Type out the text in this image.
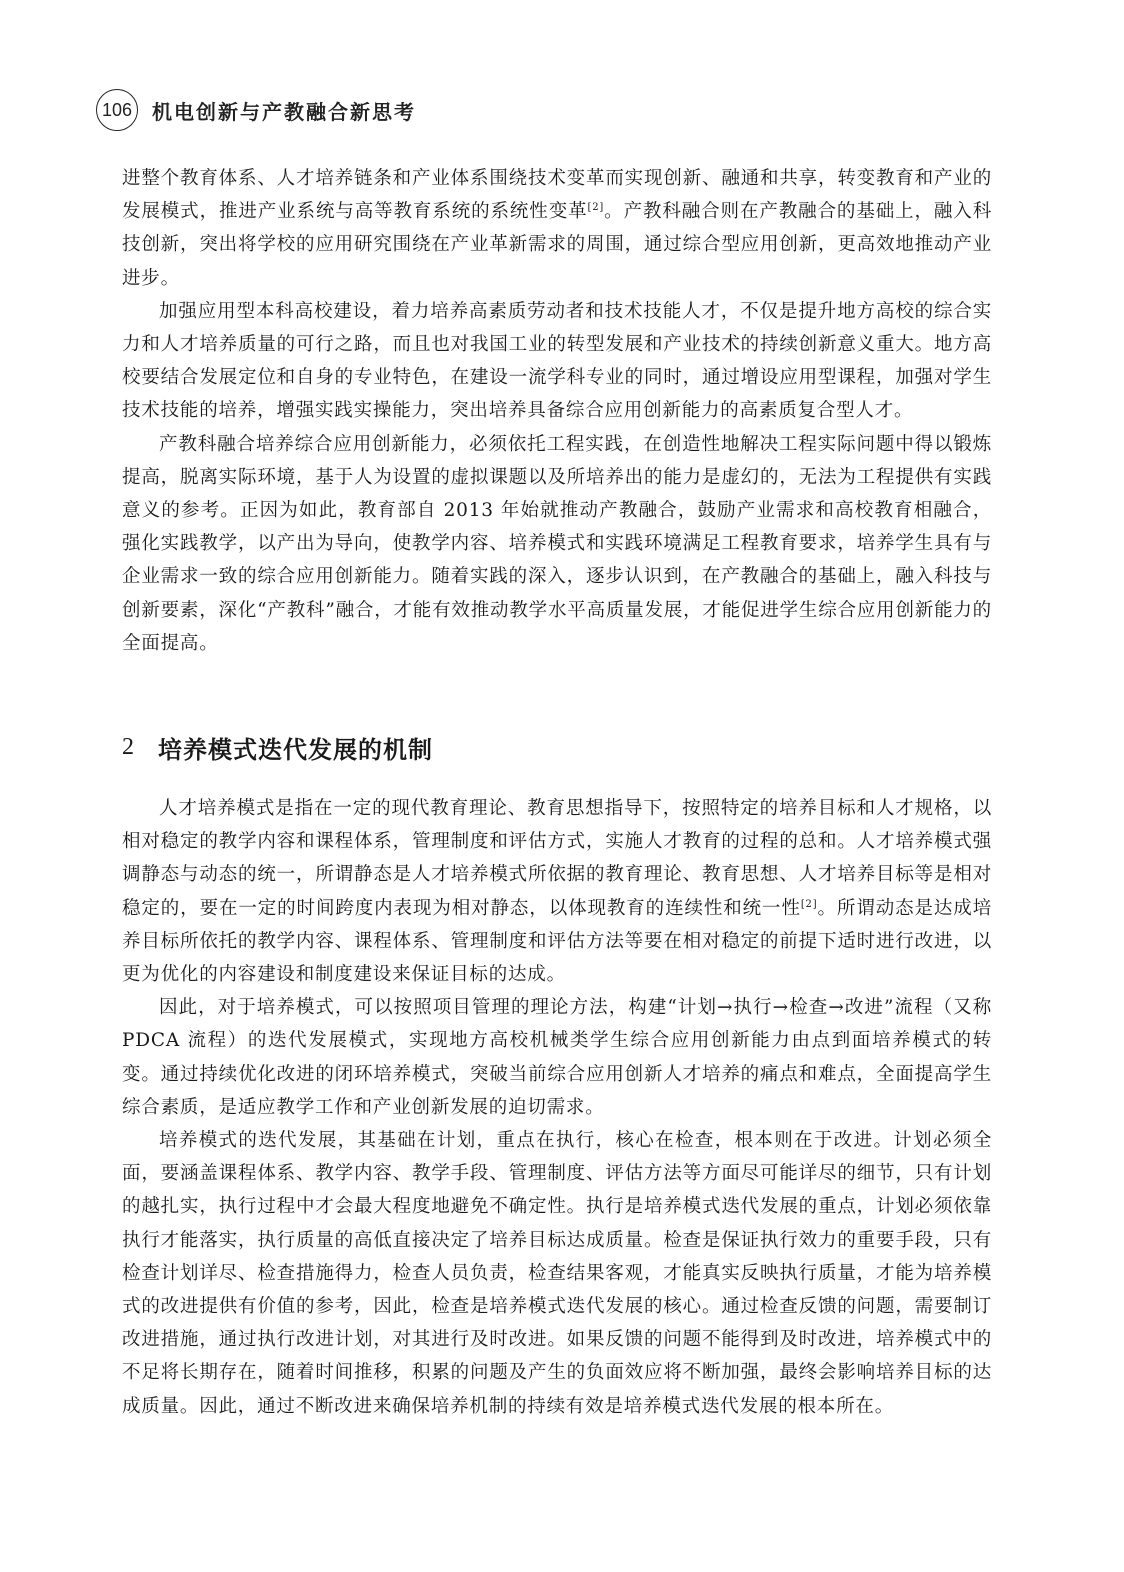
106 机电创新与产教融合新思考

进整个教育体系、人才培养链条和产业体系围绕技术变革而实现创新、融通和共享，转变教育和产业的发展模式，推进产业系统与高等教育系统的系统性变革[2]。产教科融合则在产教融合的基础上，融入科技创新，突出将学校的应用研究围绕在产业革新需求的周围，通过综合型应用创新，更高效地推动产业进步。

加强应用型本科高校建设，着力培养高素质劳动者和技术技能人才，不仅是提升地方高校的综合实力和人才培养质量的可行之路，而且也对我国工业的转型发展和产业技术的持续创新意义重大。地方高校要结合发展定位和自身的专业特色，在建设一流学科专业的同时，通过增设应用型课程，加强对学生技术技能的培养，增强实践实操能力，突出培养具备综合应用创新能力的高素质复合型人才。

产教科融合培养综合应用创新能力，必须依托工程实践，在创造性地解决工程实际问题中得以锻炼提高，脱离实际环境，基于人为设置的虚拟课题以及所培养出的能力是虚幻的，无法为工程提供有实践意义的参考。正因为如此，教育部自 2013 年始就推动产教融合，鼓励产业需求和高校教育相融合，强化实践教学，以产出为导向，使教学内容、培养模式和实践环境满足工程教育要求，培养学生具有与企业需求一致的综合应用创新能力。随着实践的深入，逐步认识到，在产教融合的基础上，融入科技与创新要素，深化“产教科”融合，才能有效推动教学水平高质量发展，才能促进学生综合应用创新能力的全面提高。

2 培养模式迭代发展的机制

人才培养模式是指在一定的现代教育理论、教育思想指导下，按照特定的培养目标和人才规格，以相对稳定的教学内容和课程体系，管理制度和评估方式，实施人才教育的过程的总和。人才培养模式强调静态与动态的统一，所谓静态是人才培养模式所依据的教育理论、教育思想、人才培养目标等是相对稳定的，要在一定的时间跨度内表现为相对静态，以体现教育的连续性和统一性[2]。所谓动态是达成培养目标所依托的教学内容、课程体系、管理制度和评估方法等要在相对稳定的前提下适时进行改进，以更为优化的内容建设和制度建设来保证目标的达成。

因此，对于培养模式，可以按照项目管理的理论方法，构建“计划→执行→检查→改进”流程（又称 PDCA 流程）的迭代发展模式，实现地方高校机械类学生综合应用创新能力由点到面培养模式的转变。通过持续优化改进的闭环培养模式，突破当前综合应用创新人才培养的痛点和难点，全面提高学生综合素质，是适应教学工作和产业创新发展的迫切需求。

培养模式的迭代发展，其基础在计划，重点在执行，核心在检查，根本则在于改进。计划必须全面，要涵盖课程体系、教学内容、教学手段、管理制度、评估方法等方面尽可能详尽的细节，只有计划的越扎实，执行过程中才会最大程度地避免不确定性。执行是培养模式迭代发展的重点，计划必须依靠执行才能落实，执行质量的高低直接决定了培养目标达成质量。检查是保证执行效力的重要手段，只有检查计划详尽、检查措施得力，检查人员负责，检查结果客观，才能真实反映执行质量，才能为培养模式的改进提供有价值的参考，因此，检查是培养模式迭代发展的核心。通过检查反馈的问题，需要制订改进措施，通过执行改进计划，对其进行及时改进。如果反馈的问题不能得到及时改进，培养模式中的不足将长期存在，随着时间推移，积累的问题及产生的负面效应将不断加强，最终会影响培养目标的达成质量。因此，通过不断改进来确保培养机制的持续有效是培养模式迭代发展的根本所在。
